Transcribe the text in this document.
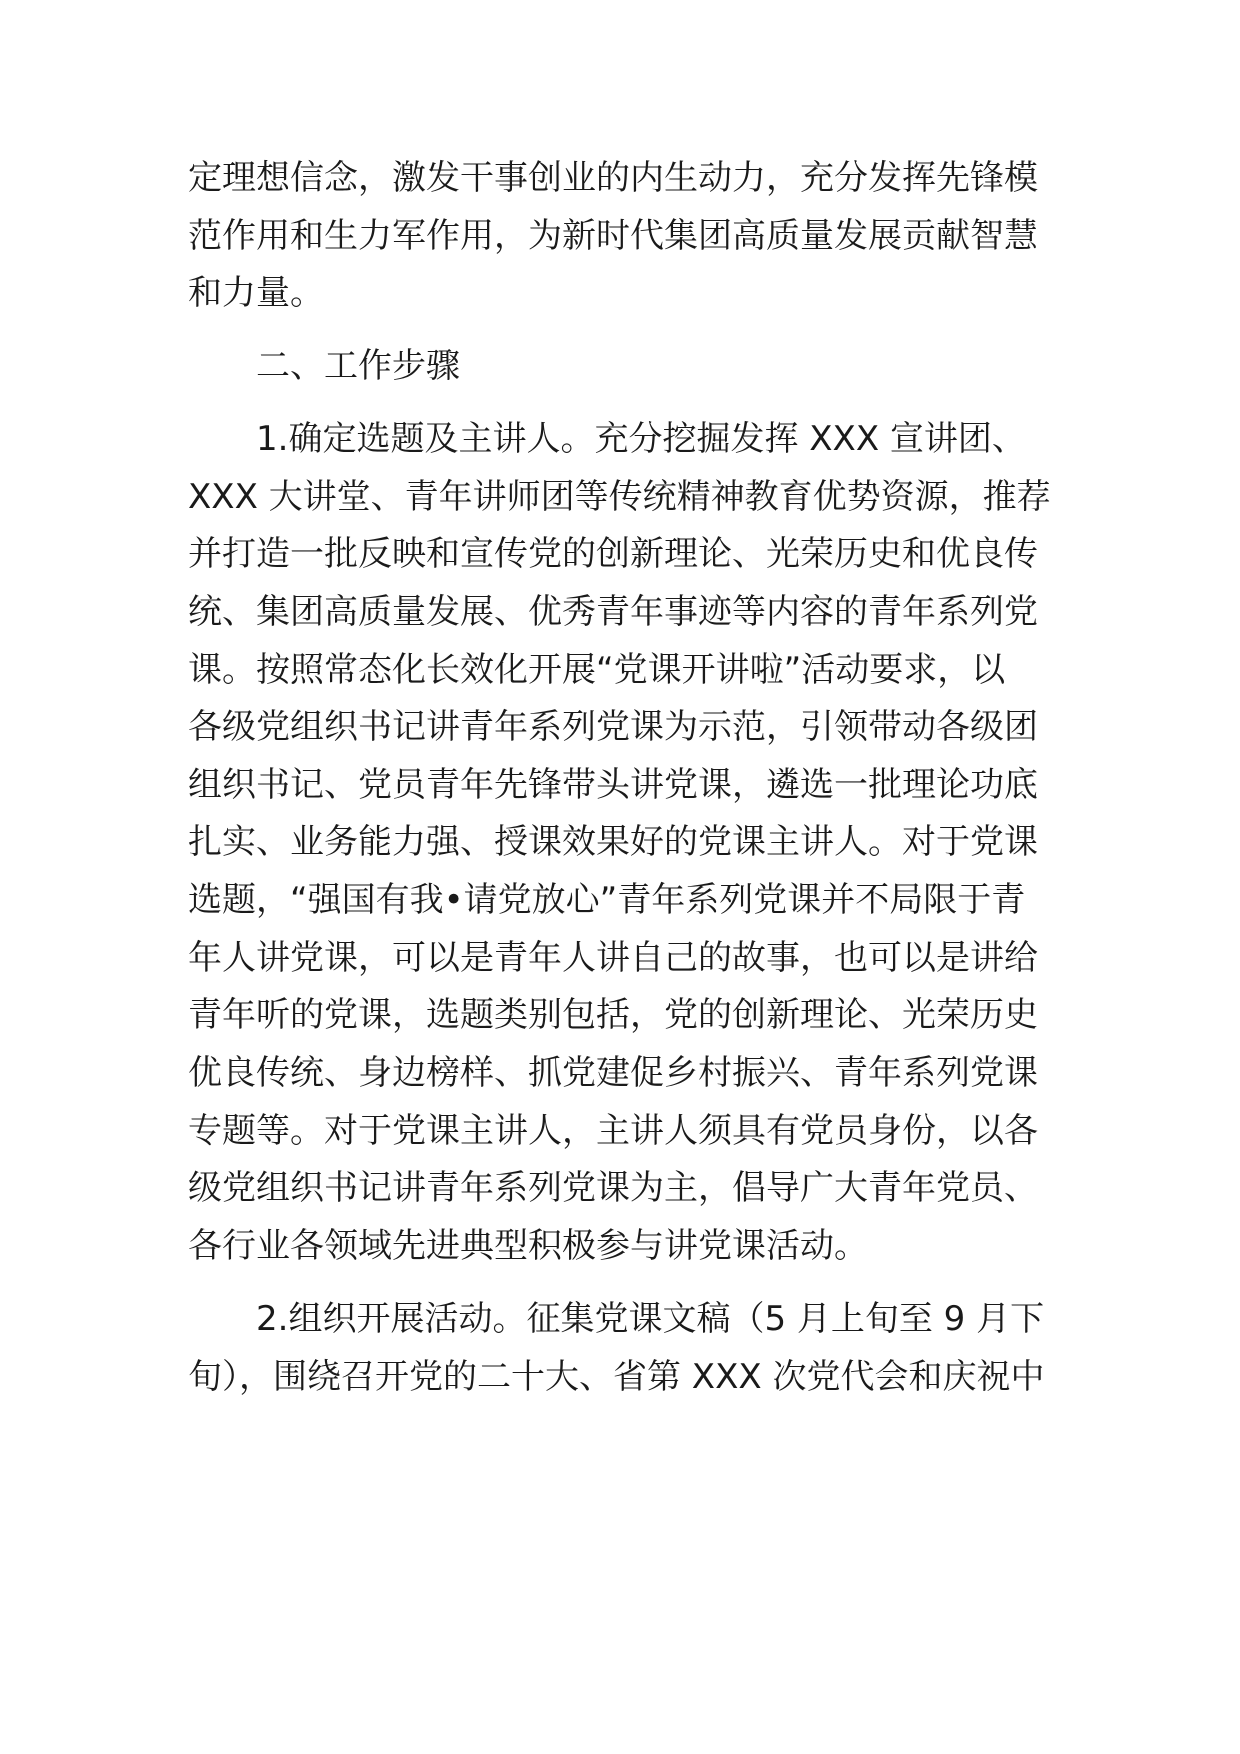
定理想信念，激发干事创业的内生动力，充分发挥先锋模
范作用和生力军作用，为新时代集团高质量发展贡献智慧
和力量。
二、工作步骤
1.确定选题及主讲人。充分挖掘发挥 XXX 宣讲团、
XXX 大讲堂、青年讲师团等传统精神教育优势资源，推荐
并打造一批反映和宣传党的创新理论、光荣历史和优良传
统、集团高质量发展、优秀青年事迹等内容的青年系列党
课。按照常态化长效化开展“党课开讲啦”活动要求，以
各级党组织书记讲青年系列党课为示范，引领带动各级团
组织书记、党员青年先锋带头讲党课，遴选一批理论功底
扎实、业务能力强、授课效果好的党课主讲人。对于党课
选题，“强国有我•请党放心”青年系列党课并不局限于青
年人讲党课，可以是青年人讲自己的故事，也可以是讲给
青年听的党课，选题类别包括，党的创新理论、光荣历史
优良传统、身边榜样、抓党建促乡村振兴、青年系列党课
专题等。对于党课主讲人，主讲人须具有党员身份，以各
级党组织书记讲青年系列党课为主，倡导广大青年党员、
各行业各领域先进典型积极参与讲党课活动。
2.组织开展活动。征集党课文稿（5 月上旬至 9 月下
旬），围绕召开党的二十大、省第 XXX 次党代会和庆祝中
